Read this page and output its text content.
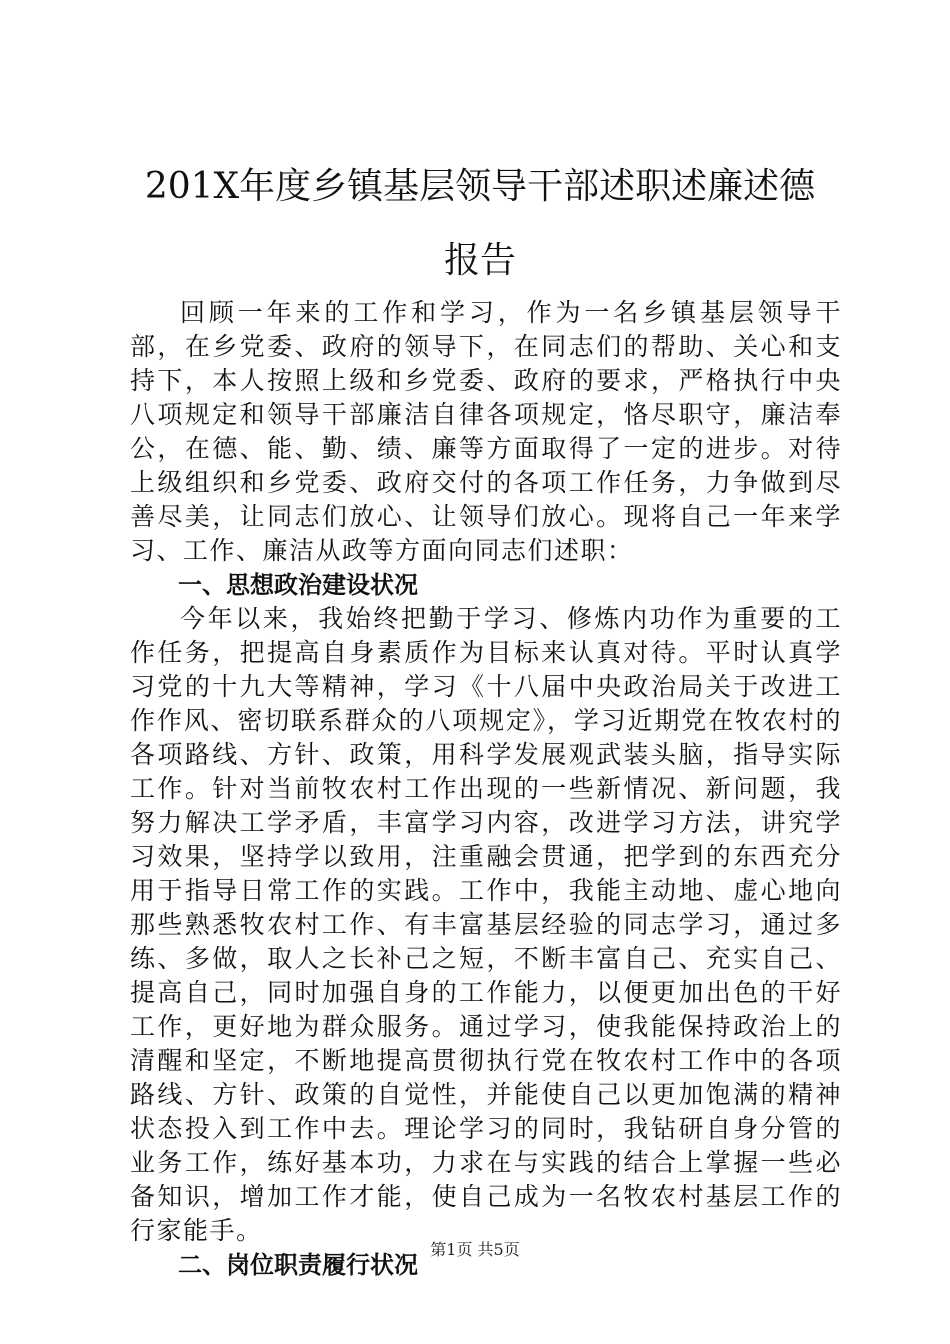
201X年度乡镇基层领导干部述职述廉述德报告

回顾一年来的工作和学习，作为一名乡镇基层领导干部，在乡党委、政府的领导下，在同志们的帮助、关心和支持下，本人按照上级和乡党委、政府的要求，严格执行中央八项规定和领导干部廉洁自律各项规定，恪尽职守，廉洁奉公，在德、能、勤、绩、廉等方面取得了一定的进步。对待上级组织和乡党委、政府交付的各项工作任务，力争做到尽善尽美，让同志们放心、让领导们放心。现将自己一年来学习、工作、廉洁从政等方面向同志们述职：

一、思想政治建设状况

今年以来，我始终把勤于学习、修炼内功作为重要的工作任务，把提高自身素质作为目标来认真对待。平时认真学习党的十九大等精神，学习《十八届中央政治局关于改进工作作风、密切联系群众的八项规定》，学习近期党在牧农村的各项路线、方针、政策，用科学发展观武装头脑，指导实际工作。针对当前牧农村工作出现的一些新情况、新问题，我努力解决工学矛盾，丰富学习内容，改进学习方法，讲究学习效果，坚持学以致用，注重融会贯通，把学到的东西充分用于指导日常工作的实践。工作中，我能主动地、虚心地向那些熟悉牧农村工作、有丰富基层经验的同志学习，通过多练、多做，取人之长补己之短，不断丰富自己、充实自己、提高自己，同时加强自身的工作能力，以便更加出色的干好工作，更好地为群众服务。通过学习，使我能保持政治上的清醒和坚定，不断地提高贯彻执行党在牧农村工作中的各项路线、方针、政策的自觉性，并能使自己以更加饱满的精神状态投入到工作中去。理论学习的同时，我钻研自身分管的业务工作，练好基本功，力求在与实践的结合上掌握一些必备知识，增加工作才能，使自己成为一名牧农村基层工作的行家能手。

二、岗位职责履行状况

第1页 共5页
